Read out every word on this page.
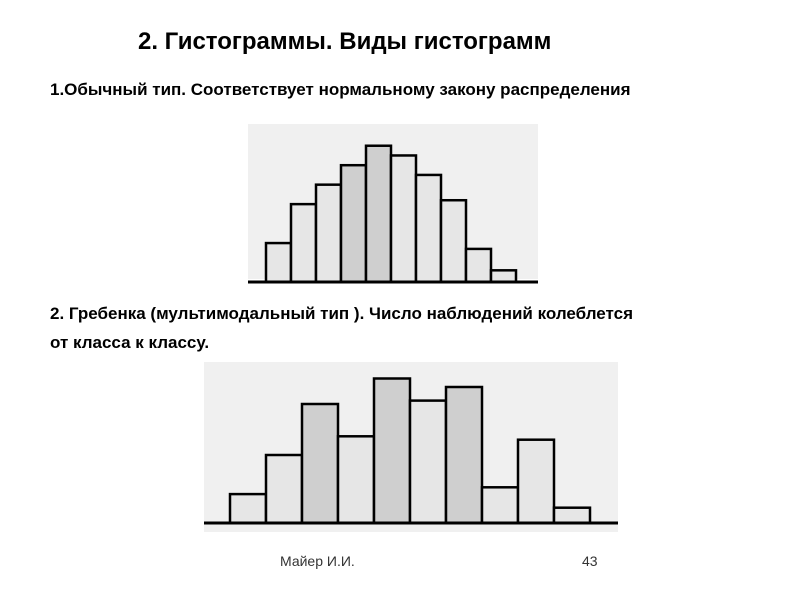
2. Гистограммы. Виды гистограмм
1.Обычный тип. Соответствует нормальному закону распределения
2. Гребенка (мультимодальный тип ). Число наблюдений колеблется
от класса к классу.
Майер И.И.	43
